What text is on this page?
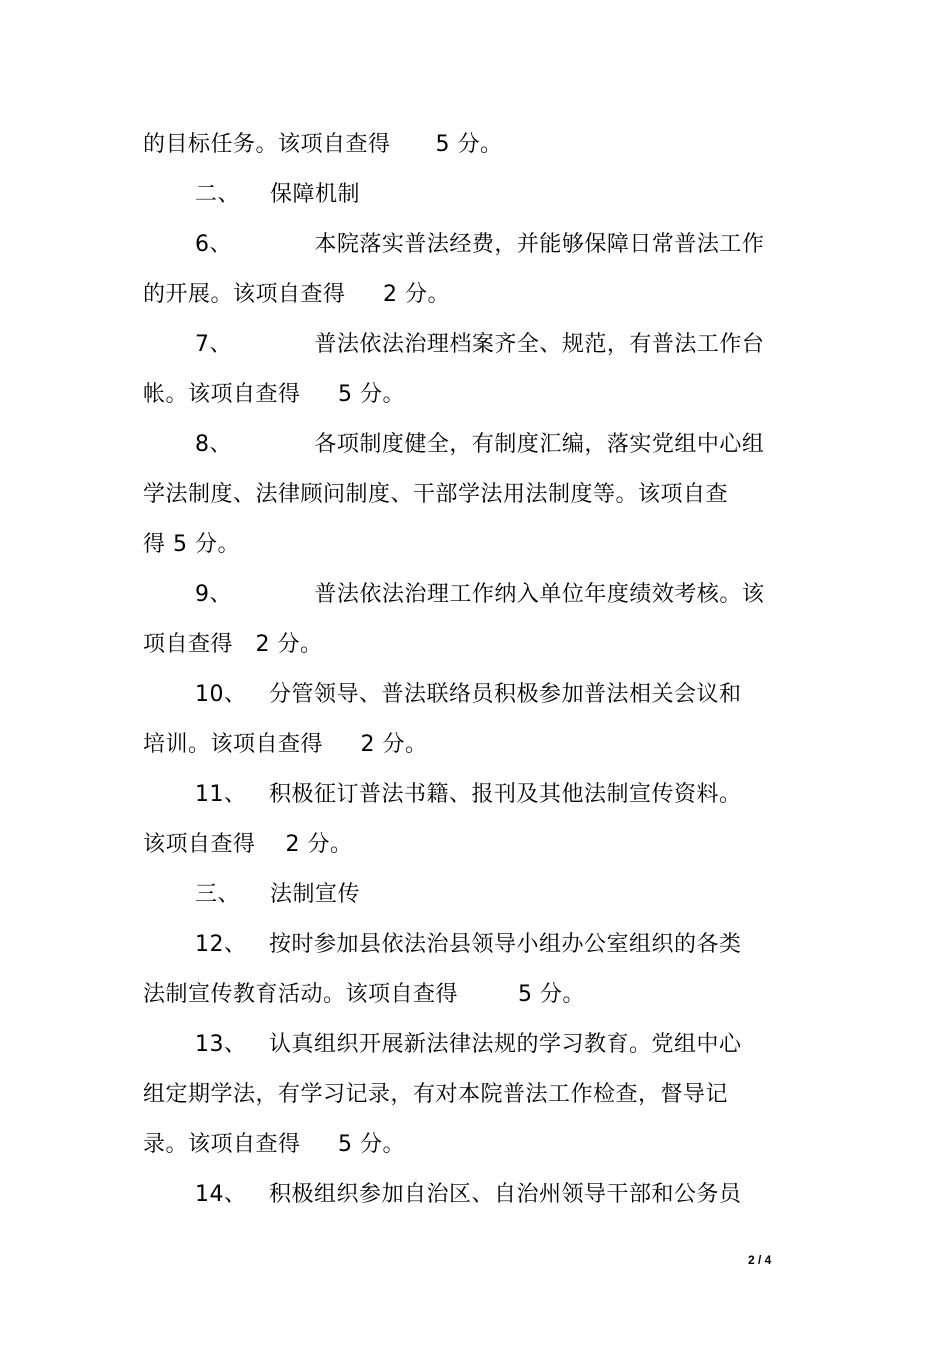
的目标任务。该项自查得      5 分。
二、    保障机制
6、           本院落实普法经费，并能够保障日常普法工作
的开展。该项自查得     2 分。
7、           普法依法治理档案齐全、规范，有普法工作台
帐。该项自查得     5 分。
8、           各项制度健全，有制度汇编，落实党组中心组
学法制度、法律顾问制度、干部学法用法制度等。该项自查
得 5 分。
9、           普法依法治理工作纳入单位年度绩效考核。该
项自查得   2 分。
10、   分管领导、普法联络员积极参加普法相关会议和
培训。该项自查得     2 分。
11、   积极征订普法书籍、报刊及其他法制宣传资料。
该项自查得    2 分。
三、    法制宣传
12、   按时参加县依法治县领导小组办公室组织的各类
法制宣传教育活动。该项自查得        5 分。
13、   认真组织开展新法律法规的学习教育。党组中心
组定期学法，有学习记录，有对本院普法工作检查，督导记
录。该项自查得     5 分。
14、   积极组织参加自治区、自治州领导干部和公务员
2 / 4
